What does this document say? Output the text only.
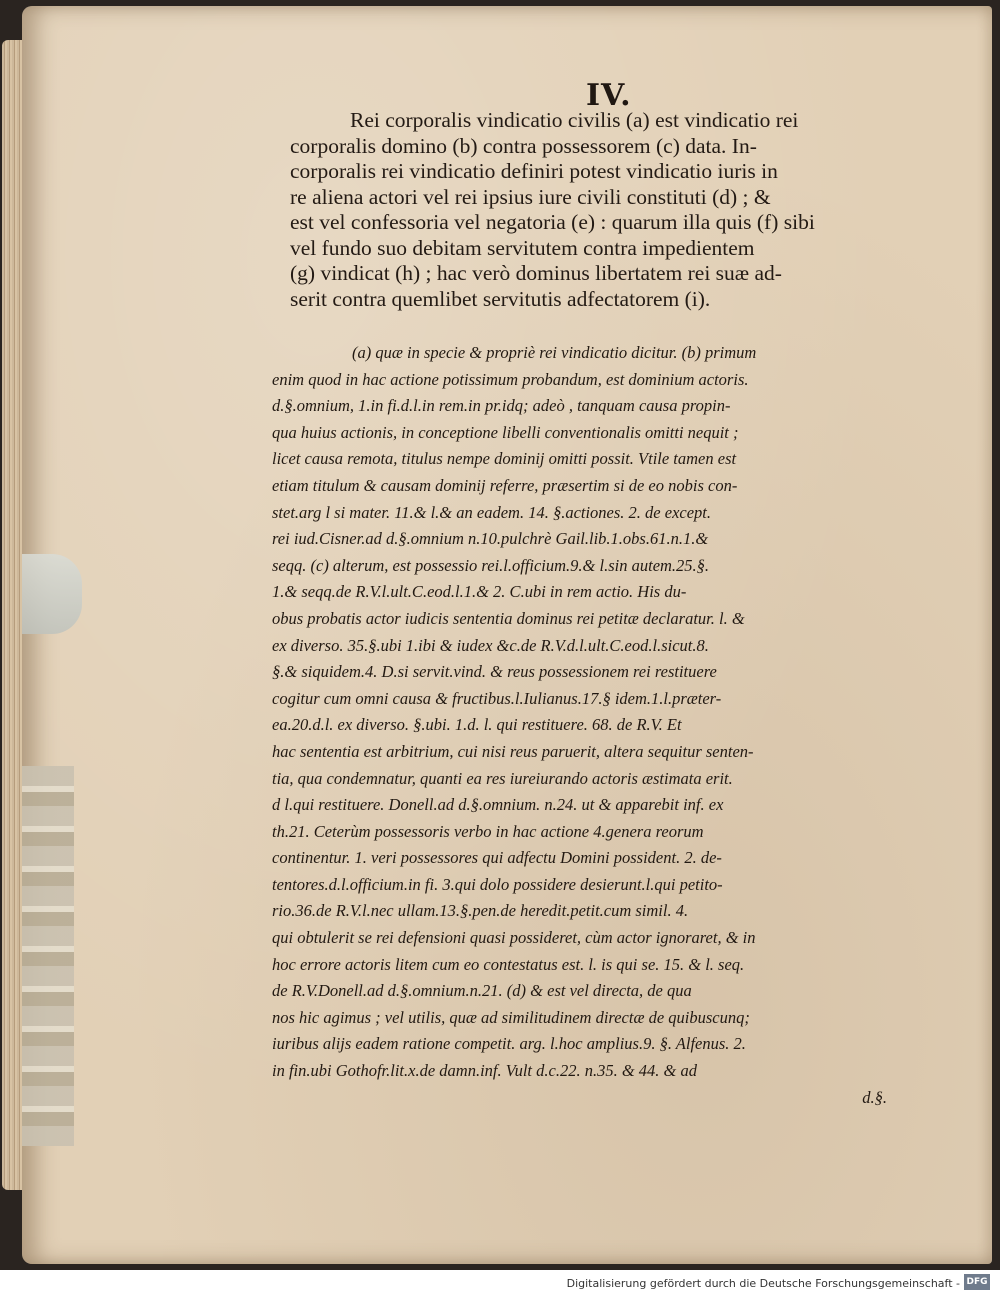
IV.
Rei corporalis vindicatio civilis (a) est vindicatio rei
corporalis domino (b) contra possessorem (c) data. In-
corporalis rei vindicatio definiri potest vindicatio iuris in
re aliena actori vel rei ipsius iure civili constituti (d) ; &
est vel confessoria vel negatoria (e) : quarum illa quis (f) sibi
vel fundo suo debitam servitutem contra impedientem
(g) vindicat (h) ; hac verò dominus libertatem rei suæ ad-
serit contra quemlibet servitutis adfectatorem (i).
(a) quæ in specie & propriè rei vindicatio dicitur. (b) primum
enim quod in hac actione potissimum probandum, est dominium actoris.
d.§.omnium, 1.in fi.d.l.in rem.in pr.idq; adeò , tanquam causa propin-
qua huius actionis, in conceptione libelli conventionalis omitti nequit ;
licet causa remota, titulus nempe dominij omitti possit. Vtile tamen est
etiam titulum & causam dominij referre, præsertim si de eo nobis con-
stet.arg l si mater. 11.& l.& an eadem. 14. §.actiones. 2. de except.
rei iud.Cisner.ad d.§.omnium n.10.pulchrè Gail.lib.1.obs.61.n.1.&
seqq. (c) alterum, est possessio rei.l.officium.9.& l.sin autem.25.§.
1.& seqq.de R.V.l.ult.C.eod.l.1.& 2. C.ubi in rem actio. His du-
obus probatis actor iudicis sententia dominus rei petitæ declaratur. l. &
ex diverso. 35.§.ubi 1.ibi & iudex &c.de R.V.d.l.ult.C.eod.l.sicut.8.
§.& siquidem.4. D.si servit.vind. & reus possessionem rei restituere
cogitur cum omni causa & fructibus.l.Iulianus.17.§ idem.1.l.præter-
ea.20.d.l. ex diverso. §.ubi. 1.d. l. qui restituere. 68. de R.V. Et
hac sententia est arbitrium, cui nisi reus paruerit, altera sequitur senten-
tia, qua condemnatur, quanti ea res iureiurando actoris æstimata erit.
d l.qui restituere. Donell.ad d.§.omnium. n.24. ut & apparebit inf. ex
th.21. Ceterùm possessoris verbo in hac actione 4.genera reorum
continentur. 1. veri possessores qui adfectu Domini possident. 2. de-
tentores.d.l.officium.in fi. 3.qui dolo possidere desierunt.l.qui petito-
rio.36.de R.V.l.nec ullam.13.§.pen.de heredit.petit.cum simil. 4.
qui obtulerit se rei defensioni quasi possideret, cùm actor ignoraret, & in
hoc errore actoris litem cum eo contestatus est. l. is qui se. 15. & l. seq.
de R.V.Donell.ad d.§.omnium.n.21. (d) & est vel directa, de qua
nos hic agimus ; vel utilis, quæ ad similitudinem directæ de quibuscunq;
iuribus alijs eadem ratione competit. arg. l.hoc amplius.9. §. Alfenus. 2.
in fin.ubi Gothofr.lit.x.de damn.inf. Vult d.c.22. n.35. & 44. & ad
d.§.
Digitalisierung gefördert durch die Deutsche Forschungsgemeinschaft - DFG
